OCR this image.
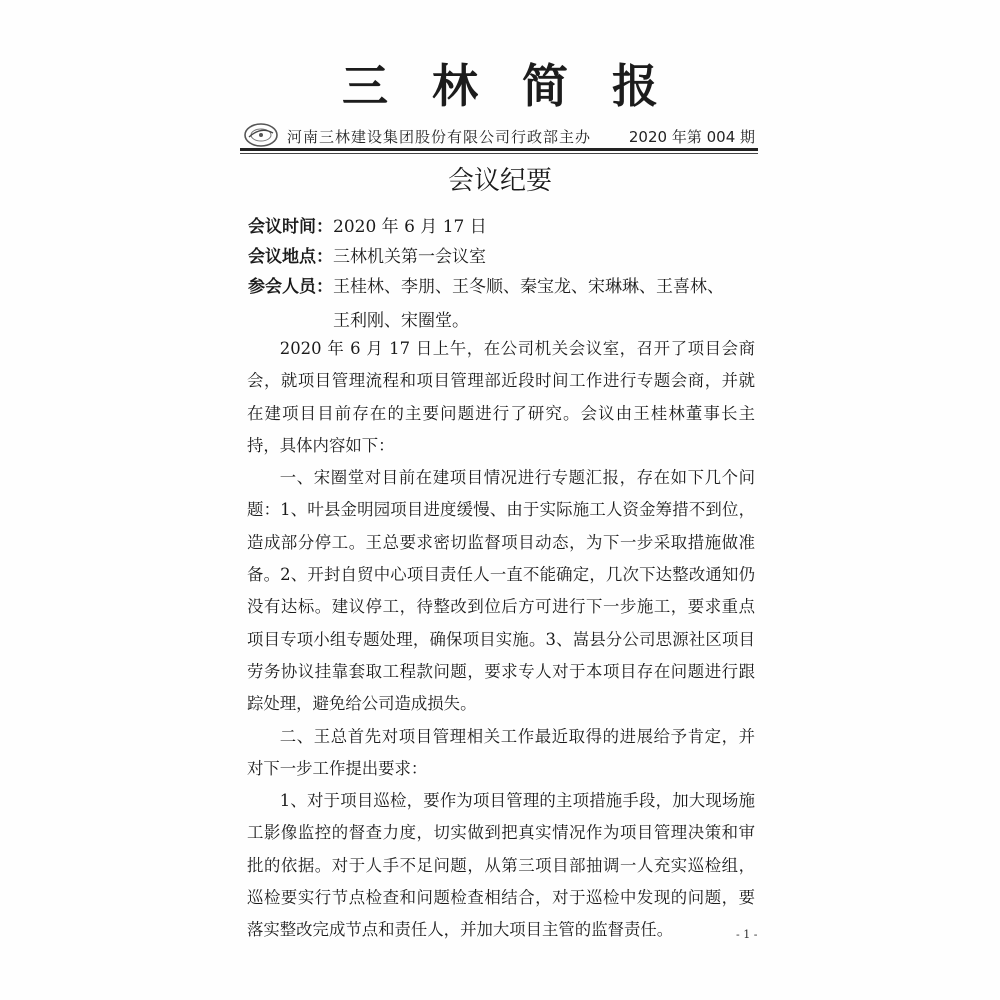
三林简报
河南三林建设集团股份有限公司行政部主办	2020 年第 004 期
会议纪要
会议时间：2020 年 6 月 17 日
会议地点：三林机关第一会议室
参会人员：王桂林、李朋、王冬顺、秦宝龙、宋琳琳、王喜林、
王利刚、宋圈堂。

2020 年 6 月 17 日上午，在公司机关会议室，召开了项目会商会，就项目管理流程和项目管理部近段时间工作进行专题会商，并就在建项目目前存在的主要问题进行了研究。会议由王桂林董事长主持，具体内容如下：

一、宋圈堂对目前在建项目情况进行专题汇报，存在如下几个问题：1、叶县金明园项目进度缓慢、由于实际施工人资金筹措不到位，造成部分停工。王总要求密切监督项目动态，为下一步采取措施做准备。2、开封自贸中心项目责任人一直不能确定，几次下达整改通知仍没有达标。建议停工，待整改到位后方可进行下一步施工，要求重点项目专项小组专题处理，确保项目实施。3、嵩县分公司思源社区项目劳务协议挂靠套取工程款问题，要求专人对于本项目存在问题进行跟踪处理，避免给公司造成损失。

二、王总首先对项目管理相关工作最近取得的进展给予肯定，并对下一步工作提出要求：

1、对于项目巡检，要作为项目管理的主项措施手段，加大现场施工影像监控的督查力度，切实做到把真实情况作为项目管理决策和审批的依据。对于人手不足问题，从第三项目部抽调一人充实巡检组，巡检要实行节点检查和问题检查相结合，对于巡检中发现的问题，要落实整改完成节点和责任人，并加大项目主管的监督责任。	- 1 -
